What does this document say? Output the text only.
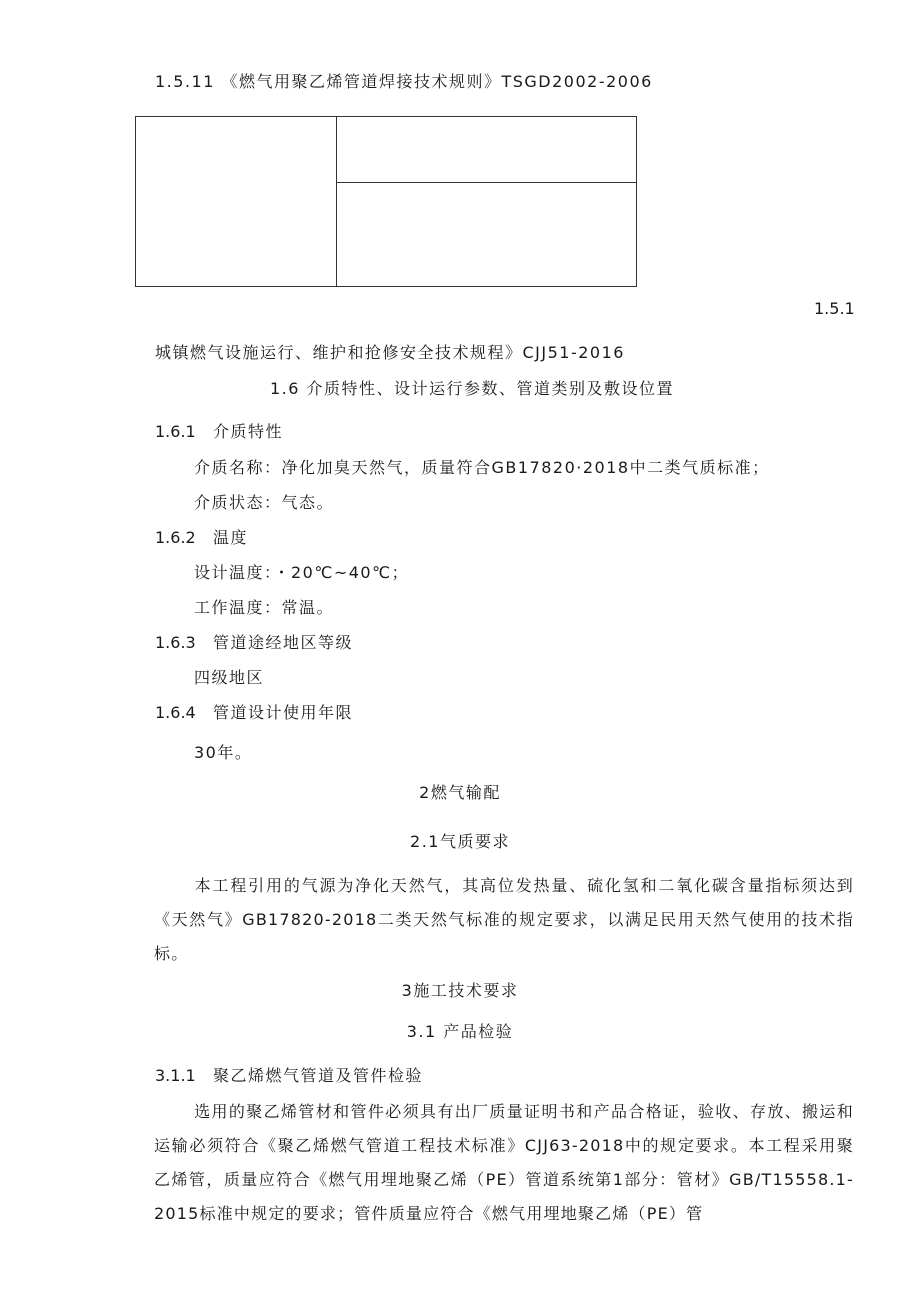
1.5.11 《燃气用聚乙烯管道焊接技术规则》TSGD2002-2006
1.5.1
城镇燃气设施运行、维护和抢修安全技术规程》CJJ51-2016
1.6 介质特性、设计运行参数、管道类别及敷设位置
1.6.1 介质特性
介质名称：净化加臭天然气，质量符合GB17820·2018中二类气质标准；
介质状态：气态。
1.6.2 温度
设计温度：・20℃~40℃；
工作温度：常温。
1.6.3 管道途经地区等级
四级地区
1.6.4 管道设计使用年限
30年。
2燃气输配
2.1气质要求
本工程引用的气源为净化天然气，其高位发热量、硫化氢和二氧化碳含量指标须达到《天然气》GB17820-2018二类天然气标准的规定要求，以满足民用天然气使用的技术指标。
3施工技术要求
3.1 产品检验
3.1.1 聚乙烯燃气管道及管件检验
选用的聚乙烯管材和管件必须具有出厂质量证明书和产品合格证，验收、存放、搬运和运输必须符合《聚乙烯燃气管道工程技术标准》CJJ63-2018中的规定要求。本工程采用聚乙烯管，质量应符合《燃气用埋地聚乙烯（PE）管道系统第1部分：管材》GB/T15558.1-2015标准中规定的要求；管件质量应符合《燃气用埋地聚乙烯（PE）管
